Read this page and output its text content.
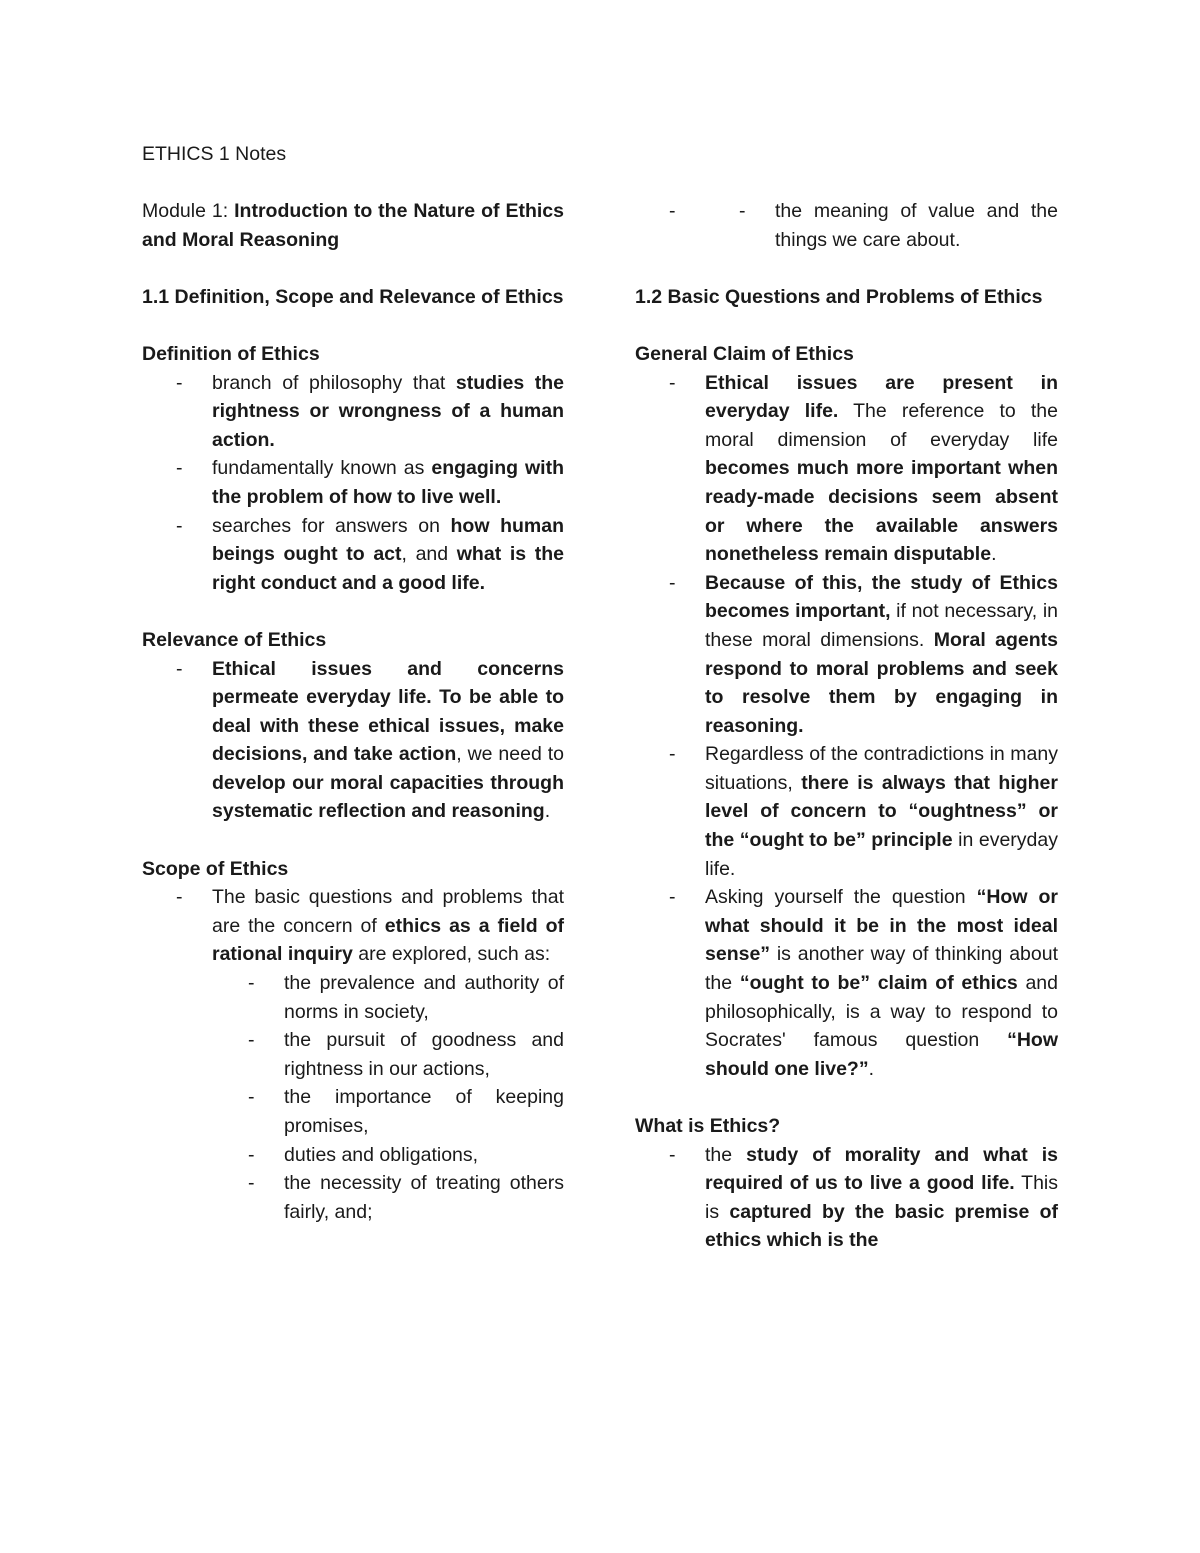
ETHICS 1 Notes

Module 1: Introduction to the Nature of Ethics and Moral Reasoning

1.1 Definition, Scope and Relevance of Ethics

Definition of Ethics

- branch of philosophy that studies the rightness or wrongness of a human action.
- fundamentally known as engaging with the problem of how to live well.
- searches for answers on how human beings ought to act, and what is the right conduct and a good life.

Relevance of Ethics

- Ethical issues and concerns permeate everyday life. To be able to deal with these ethical issues, make decisions, and take action, we need to develop our moral capacities through systematic reflection and reasoning.

Scope of Ethics

- The basic questions and problems that are the concern of ethics as a field of rational inquiry are explored, such as:
- the prevalence and authority of norms in society,
- the pursuit of goodness and rightness in our actions,
- the importance of keeping promises,
- duties and obligations,
- the necessity of treating others fairly, and;
- - the meaning of value and the things we care about.

1.2 Basic Questions and Problems of Ethics

General Claim of Ethics

- Ethical issues are present in everyday life. The reference to the moral dimension of everyday life becomes much more important when ready-made decisions seem absent or where the available answers nonetheless remain disputable.
- Because of this, the study of Ethics becomes important, if not necessary, in these moral dimensions. Moral agents respond to moral problems and seek to resolve them by engaging in reasoning.
- Regardless of the contradictions in many situations, there is always that higher level of concern to “oughtness” or the “ought to be” principle in everyday life.
- Asking yourself the question “How or what should it be in the most ideal sense” is another way of thinking about the “ought to be” claim of ethics and philosophically, is a way to respond to Socrates' famous question “How should one live?”.

What is Ethics?

- the study of morality and what is required of us to live a good life. This is captured by the basic premise of ethics which is the
